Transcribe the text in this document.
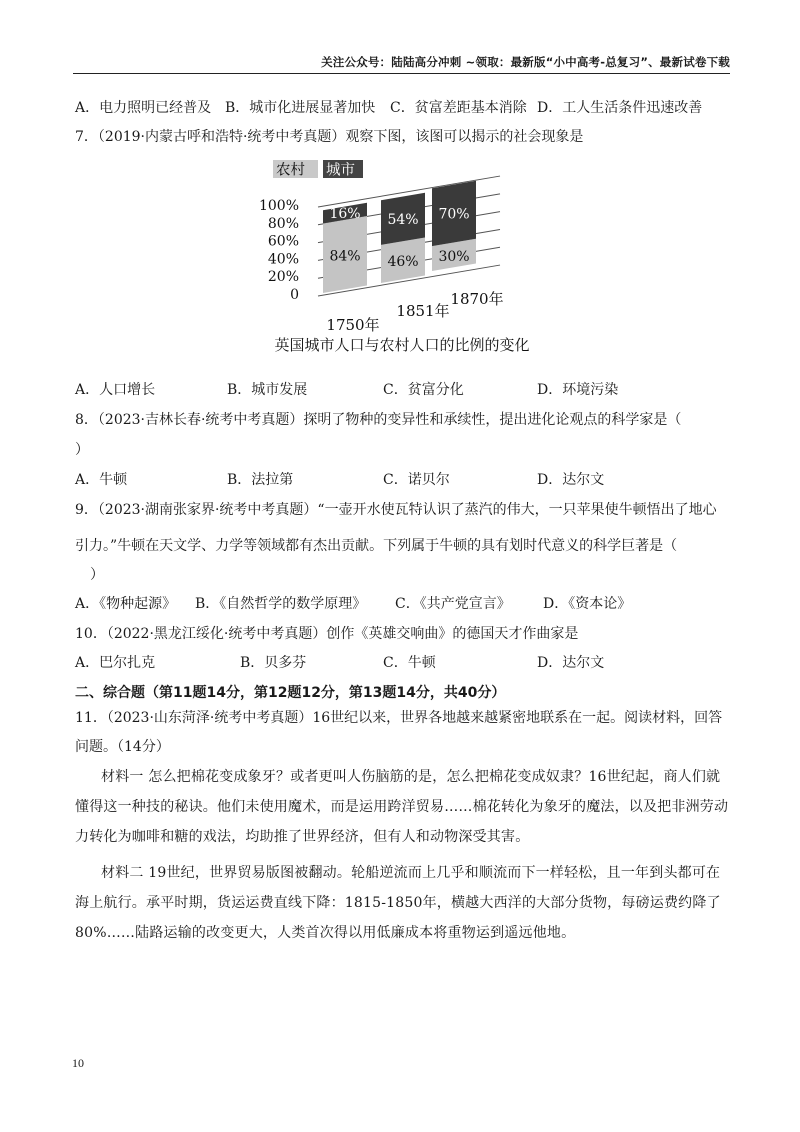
关注公众号：陆陆高分冲刺 ~领取：最新版“小中高考-总复习”、最新试卷下载
A．电力照明已经普及 B．城市化进展显著加快 C．贫富差距基本消除 D．工人生活条件迅速改善
7．（2019·内蒙古呼和浩特·统考中考真题）观察下图，该图可以揭示的社会现象是
农村 城市
100%
80%
60%
40%
20%
0
16%
84%
54%
46%
70%
30%
1750年
1851年
1870年
英国城市人口与农村人口的比例的变化
A．人口增长	B．城市发展	C．贫富分化	D．环境污染
8．（2023·吉林长春·统考中考真题）探明了物种的变异性和承续性，提出进化论观点的科学家是（
）
A．牛顿	B．法拉第	C．诺贝尔	D．达尔文
9．（2023·湖南张家界·统考中考真题）“一壶开水使瓦特认识了蒸汽的伟大，一只苹果使牛顿悟出了地心
引力。”牛顿在天文学、力学等领域都有杰出贡献。下列属于牛顿的具有划时代意义的科学巨著是（
）
A．《物种起源》 B．《自然哲学的数学原理》 C．《共产党宣言》 D．《资本论》
10．（2022·黑龙江绥化·统考中考真题）创作《英雄交响曲》的德国天才作曲家是
A．巴尔扎克	B．贝多芬	C．牛顿	D．达尔文
二、综合题（第11题14分，第12题12分，第13题14分，共40分）
11．（2023·山东菏泽·统考中考真题）16世纪以来，世界各地越来越紧密地联系在一起。阅读材料，回答
问题。（14分）
材料一 怎么把棉花变成象牙？或者更叫人伤脑筋的是，怎么把棉花变成奴隶？16世纪起，商人们就
懂得这一种技的秘诀。他们未使用魔术，而是运用跨洋贸易……棉花转化为象牙的魔法，以及把非洲劳动
力转化为咖啡和糖的戏法，均助推了世界经济，但有人和动物深受其害。
材料二 19世纪，世界贸易版图被翻动。轮船逆流而上几乎和顺流而下一样轻松，且一年到头都可在
海上航行。承平时期，货运运费直线下降：1815-1850年，横越大西洋的大部分货物，每磅运费约降了
80%……陆路运输的改变更大，人类首次得以用低廉成本将重物运到遥远他地。
10
